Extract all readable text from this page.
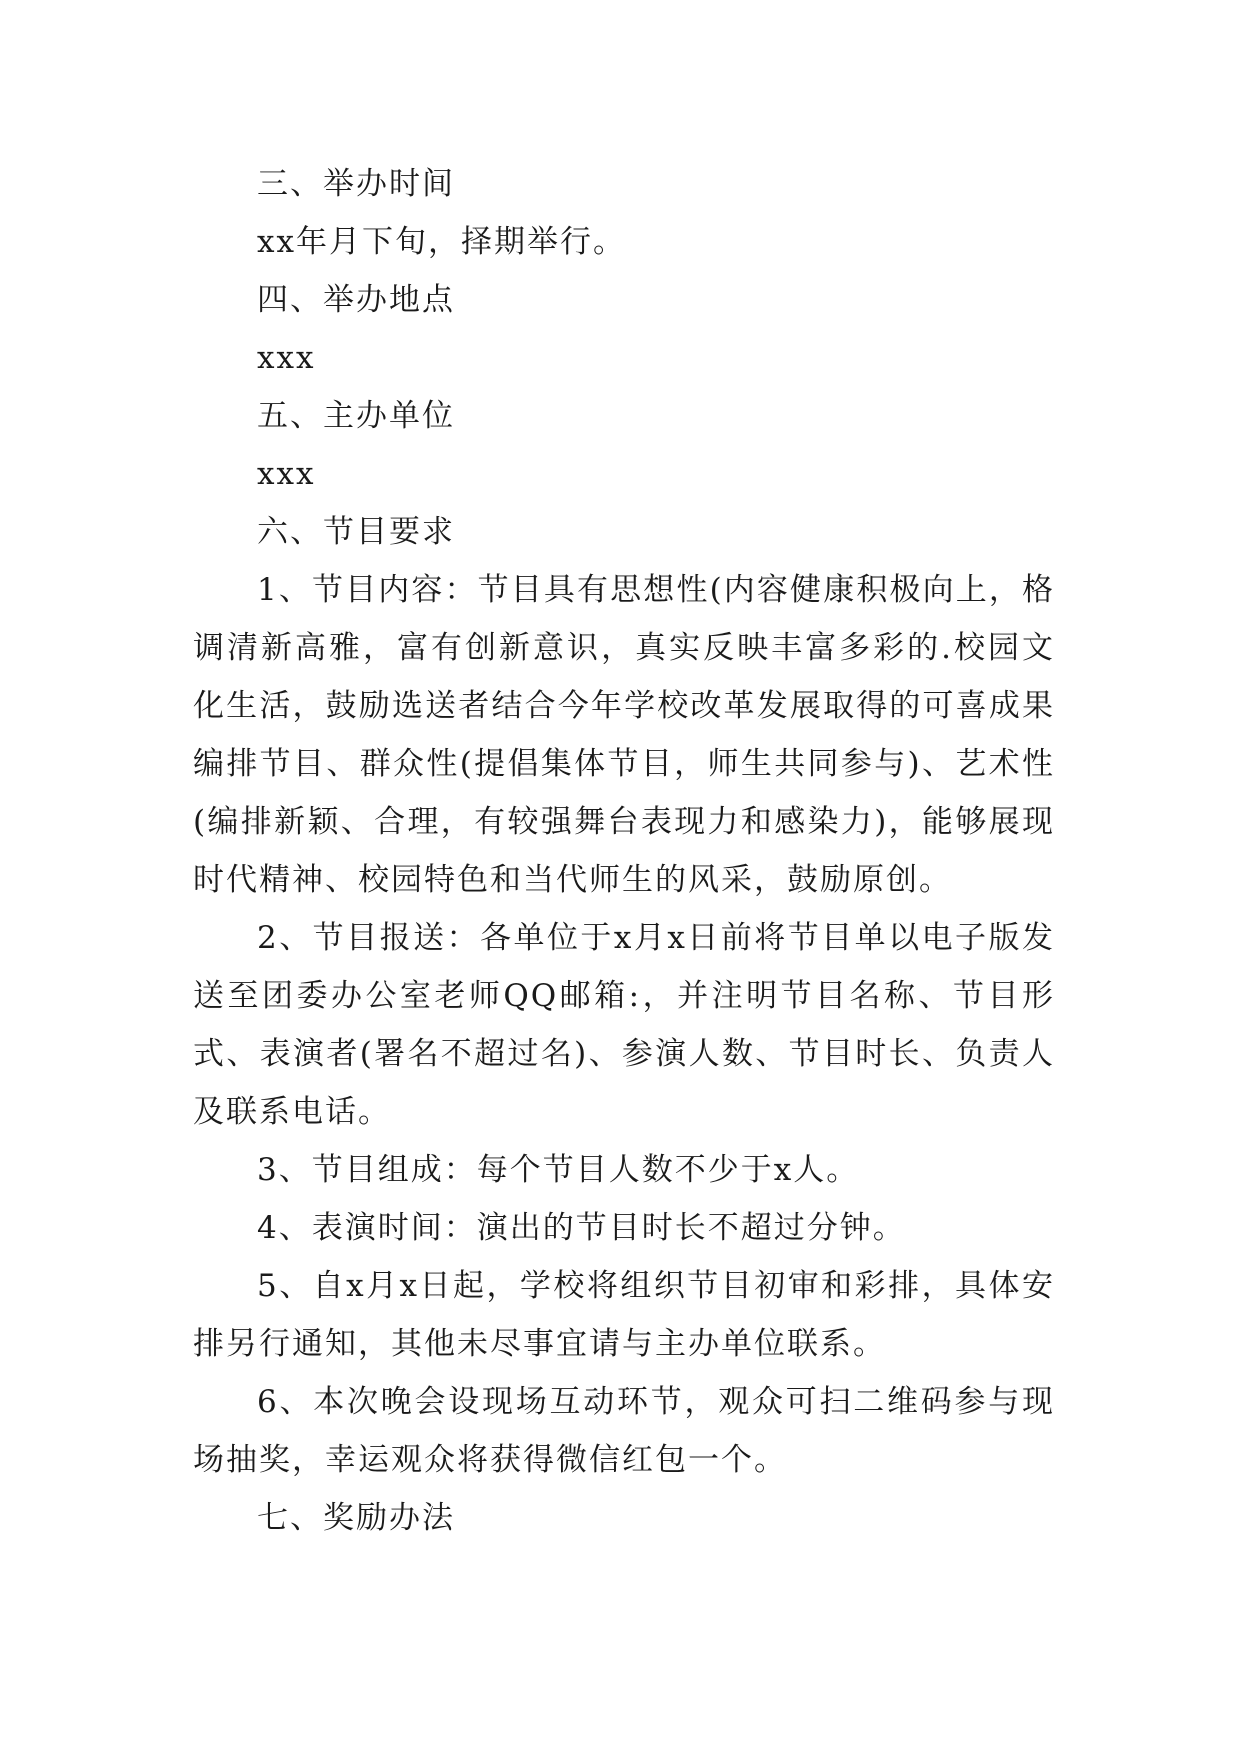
三、举办时间

xx年月下旬，择期举行。

四、举办地点

xxx

五、主办单位

xxx

六、节目要求

1、节目内容：节目具有思想性(内容健康积极向上，格调清新高雅，富有创新意识，真实反映丰富多彩的.校园文化生活，鼓励选送者结合今年学校改革发展取得的可喜成果编排节目、群众性(提倡集体节目，师生共同参与)、艺术性(编排新颖、合理，有较强舞台表现力和感染力)，能够展现时代精神、校园特色和当代师生的风采，鼓励原创。

2、节目报送：各单位于x月x日前将节目单以电子版发送至团委办公室老师QQ邮箱:，并注明节目名称、节目形式、表演者(署名不超过名)、参演人数、节目时长、负责人及联系电话。

3、节目组成：每个节目人数不少于x人。

4、表演时间：演出的节目时长不超过分钟。

5、自x月x日起，学校将组织节目初审和彩排，具体安排另行通知，其他未尽事宜请与主办单位联系。

6、本次晚会设现场互动环节，观众可扫二维码参与现场抽奖，幸运观众将获得微信红包一个。

七、奖励办法
